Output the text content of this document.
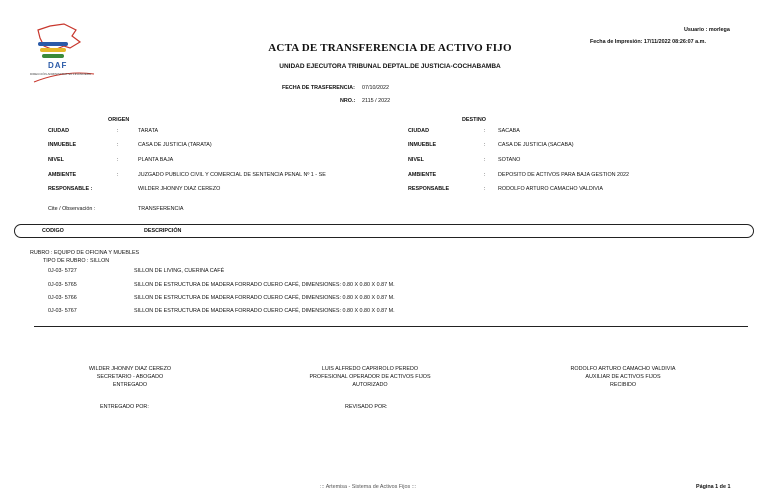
DAF
DIRECCIÓN ADMINISTRATIVA FINANCIERA
Usuario : morlega
Fecha de Impresión: 17/11/2022 08:26:07 a.m.
ACTA DE TRANSFERENCIA DE ACTIVO FIJO
UNIDAD EJECUTORA TRIBUNAL DEPTAL.DE JUSTICIA-COCHABAMBA
FECHA DE TRASFERENCIA: 07/10/2022
NRO.: 2115 / 2022
ORIGEN	DESTINO
CIUDAD	:	TARATA
INMUEBLE	:	CASA DE JUSTICIA (TARATA)
NIVEL	:	PLANTA BAJA
AMBIENTE	:	JUZGADO PUBLICO CIVIL Y COMERCIAL DE SENTENCIA PENAL Nº 1 - SE
RESPONSABLE :	WILDER JHONNY DIAZ CEREZO
Cite / Observación :	TRANSFERENCIA
CIUDAD	: SACABA
INMUEBLE	: CASA DE JUSTICIA (SACABA)
NIVEL	: SOTANO
AMBIENTE	: DEPOSITO DE ACTIVOS PARA BAJA GESTION 2022
RESPONSABLE	: RODOLFO ARTURO CAMACHO VALDIVIA
CODIGO	DESCRIPCIÓN
RUBRO : EQUIPO DE OFICINA Y MUEBLES
TIPO DE RUBRO : SILLON
0J-03- 5727	SILLON DE LIVING, CUERINA CAFÉ
0J-03- 5765	SILLON DE ESTRUCTURA DE MADERA FORRADO CUERO CAFÉ, DIMENSIONES: 0.80 X 0.80 X 0.87 M.
0J-03- 5766	SILLON DE ESTRUCTURA DE MADERA FORRADO CUERO CAFÉ, DIMENSIONES: 0.80 X 0.80 X 0.87 M.
0J-03- 5767	SILLON DE ESTRUCTURA DE MADERA FORRADO CUERO CAFÉ, DIMENSIONES: 0.80 X 0.80 X 0.87 M.
WILDER JHONNY DIAZ CEREZO
SECRETARIO - ABOGADO
ENTREGADO
LUIS ALFREDO CAPRIROLO PEREDO
PROFESIONAL OPERADOR DE ACTIVOS FIJOS
AUTORIZADO
RODOLFO ARTURO CAMACHO VALDIVIA
AUXILIAR DE ACTIVOS FIJOS
RECIBIDO
ENTREGADO POR:	REVISADO POR:
::: Artemisa - Sistema de Activos Fijos :::	Página 1 de 1
